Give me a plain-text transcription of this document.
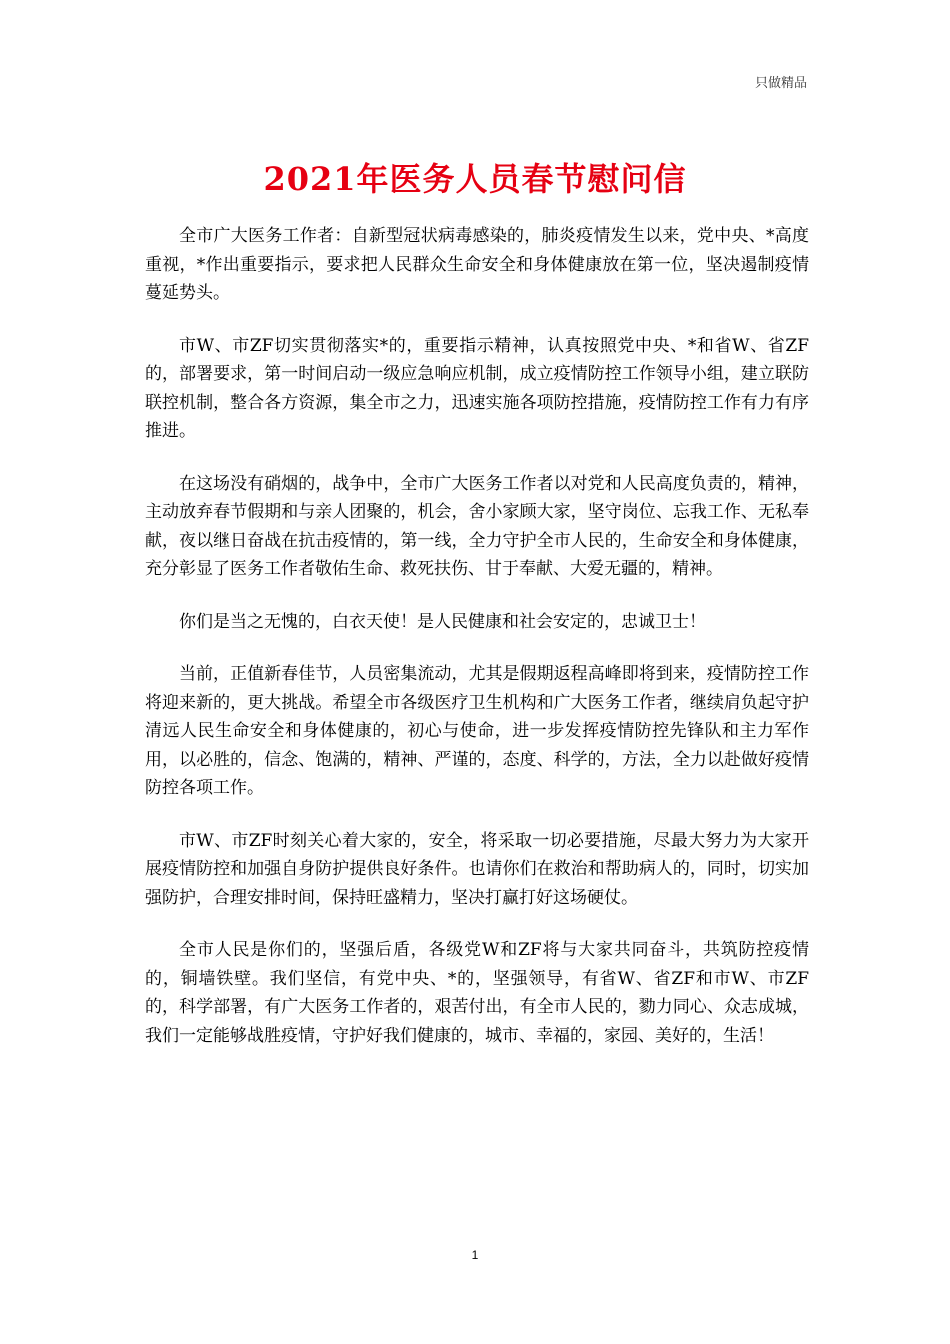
只做精品
2021年医务人员春节慰问信

全市广大医务工作者：自新型冠状病毒感染的，肺炎疫情发生以来，党中央、*高度重视，*作出重要指示，要求把人民群众生命安全和身体健康放在第一位，坚决遏制疫情蔓延势头。

市W、市ZF切实贯彻落实*的，重要指示精神，认真按照党中央、*和省W、省ZF的，部署要求，第一时间启动一级应急响应机制，成立疫情防控工作领导小组，建立联防联控机制，整合各方资源，集全市之力，迅速实施各项防控措施，疫情防控工作有力有序推进。

在这场没有硝烟的，战争中，全市广大医务工作者以对党和人民高度负责的，精神，主动放弃春节假期和与亲人团聚的，机会，舍小家顾大家，坚守岗位、忘我工作、无私奉献，夜以继日奋战在抗击疫情的，第一线，全力守护全市人民的，生命安全和身体健康，充分彰显了医务工作者敬佑生命、救死扶伤、甘于奉献、大爱无疆的，精神。

你们是当之无愧的，白衣天使！是人民健康和社会安定的，忠诚卫士！

当前，正值新春佳节，人员密集流动，尤其是假期返程高峰即将到来，疫情防控工作将迎来新的，更大挑战。希望全市各级医疗卫生机构和广大医务工作者，继续肩负起守护清远人民生命安全和身体健康的，初心与使命，进一步发挥疫情防控先锋队和主力军作用，以必胜的，信念、饱满的，精神、严谨的，态度、科学的，方法，全力以赴做好疫情防控各项工作。

市W、市ZF时刻关心着大家的，安全，将采取一切必要措施，尽最大努力为大家开展疫情防控和加强自身防护提供良好条件。也请你们在救治和帮助病人的，同时，切实加强防护，合理安排时间，保持旺盛精力，坚决打赢打好这场硬仗。

全市人民是你们的，坚强后盾，各级党W和ZF将与大家共同奋斗，共筑防控疫情的，铜墙铁壁。我们坚信，有党中央、*的，坚强领导，有省W、省ZF和市W、市ZF的，科学部署，有广大医务工作者的，艰苦付出，有全市人民的，勠力同心、众志成城，我们一定能够战胜疫情，守护好我们健康的，城市、幸福的，家园、美好的，生活！

1
